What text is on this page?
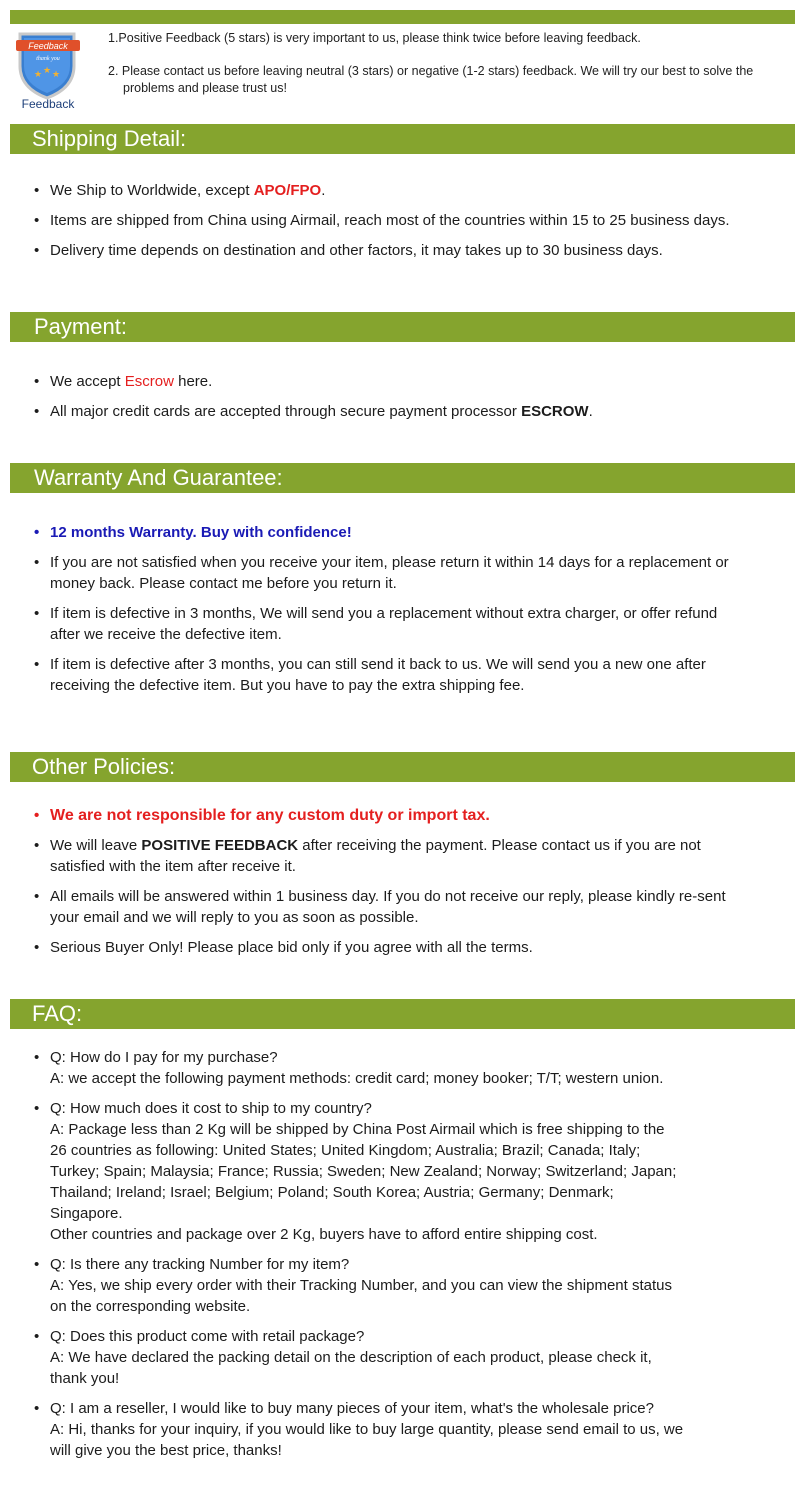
Feedback
thank you
★ ★ ★
Feedback

1.Positive Feedback (5 stars) is very important to us, please think twice before leaving feedback.

2. Please contact us before leaving neutral (3 stars) or negative (1-2 stars) feedback. We will try our best to solve the problems and please trust us!

Shipping Detail:
• We Ship to Worldwide, except APO/FPO.
• Items are shipped from China using Airmail, reach most of the countries within 15 to 25 business days.
• Delivery time depends on destination and other factors, it may takes up to 30 business days.
Payment:
• We accept Escrow here.
• All major credit cards are accepted through secure payment processor ESCROW.
Warranty And Guarantee:
• 12 months Warranty. Buy with confidence!
• If you are not satisfied when you receive your item, please return it within 14 days for a replacement or money back. Please contact me before you return it.
• If item is defective in 3 months, We will send you a replacement without extra charger, or offer refund after we receive the defective item.
• If item is defective after 3 months, you can still send it back to us. We will send you a new one after receiving the defective item. But you have to pay the extra shipping fee.
Other Policies:
• We are not responsible for any custom duty or import tax.
• We will leave POSITIVE FEEDBACK after receiving the payment. Please contact us if you are not satisfied with the item after receive it.
• All emails will be answered within 1 business day. If you do not receive our reply, please kindly re-sent your email and we will reply to you as soon as possible.
• Serious Buyer Only! Please place bid only if you agree with all the terms.
FAQ:
• Q: How do I pay for my purchase?
A: we accept the following payment methods: credit card; money booker; T/T; western union.
• Q: How much does it cost to ship to my country?
A: Package less than 2 Kg will be shipped by China Post Airmail which is free shipping to the 26 countries as following: United States; United Kingdom; Australia; Brazil; Canada; Italy; Turkey; Spain; Malaysia; France; Russia; Sweden; New Zealand; Norway; Switzerland; Japan; Thailand; Ireland; Israel; Belgium; Poland; South Korea; Austria; Germany; Denmark; Singapore.
Other countries and package over 2 Kg, buyers have to afford entire shipping cost.
• Q: Is there any tracking Number for my item?
A: Yes, we ship every order with their Tracking Number, and you can view the shipment status on the corresponding website.
• Q: Does this product come with retail package?
A: We have declared the packing detail on the description of each product, please check it, thank you!
• Q: I am a reseller, I would like to buy many pieces of your item, what's the wholesale price?
A: Hi, thanks for your inquiry, if you would like to buy large quantity, please send email to us, we will give you the best price, thanks!
